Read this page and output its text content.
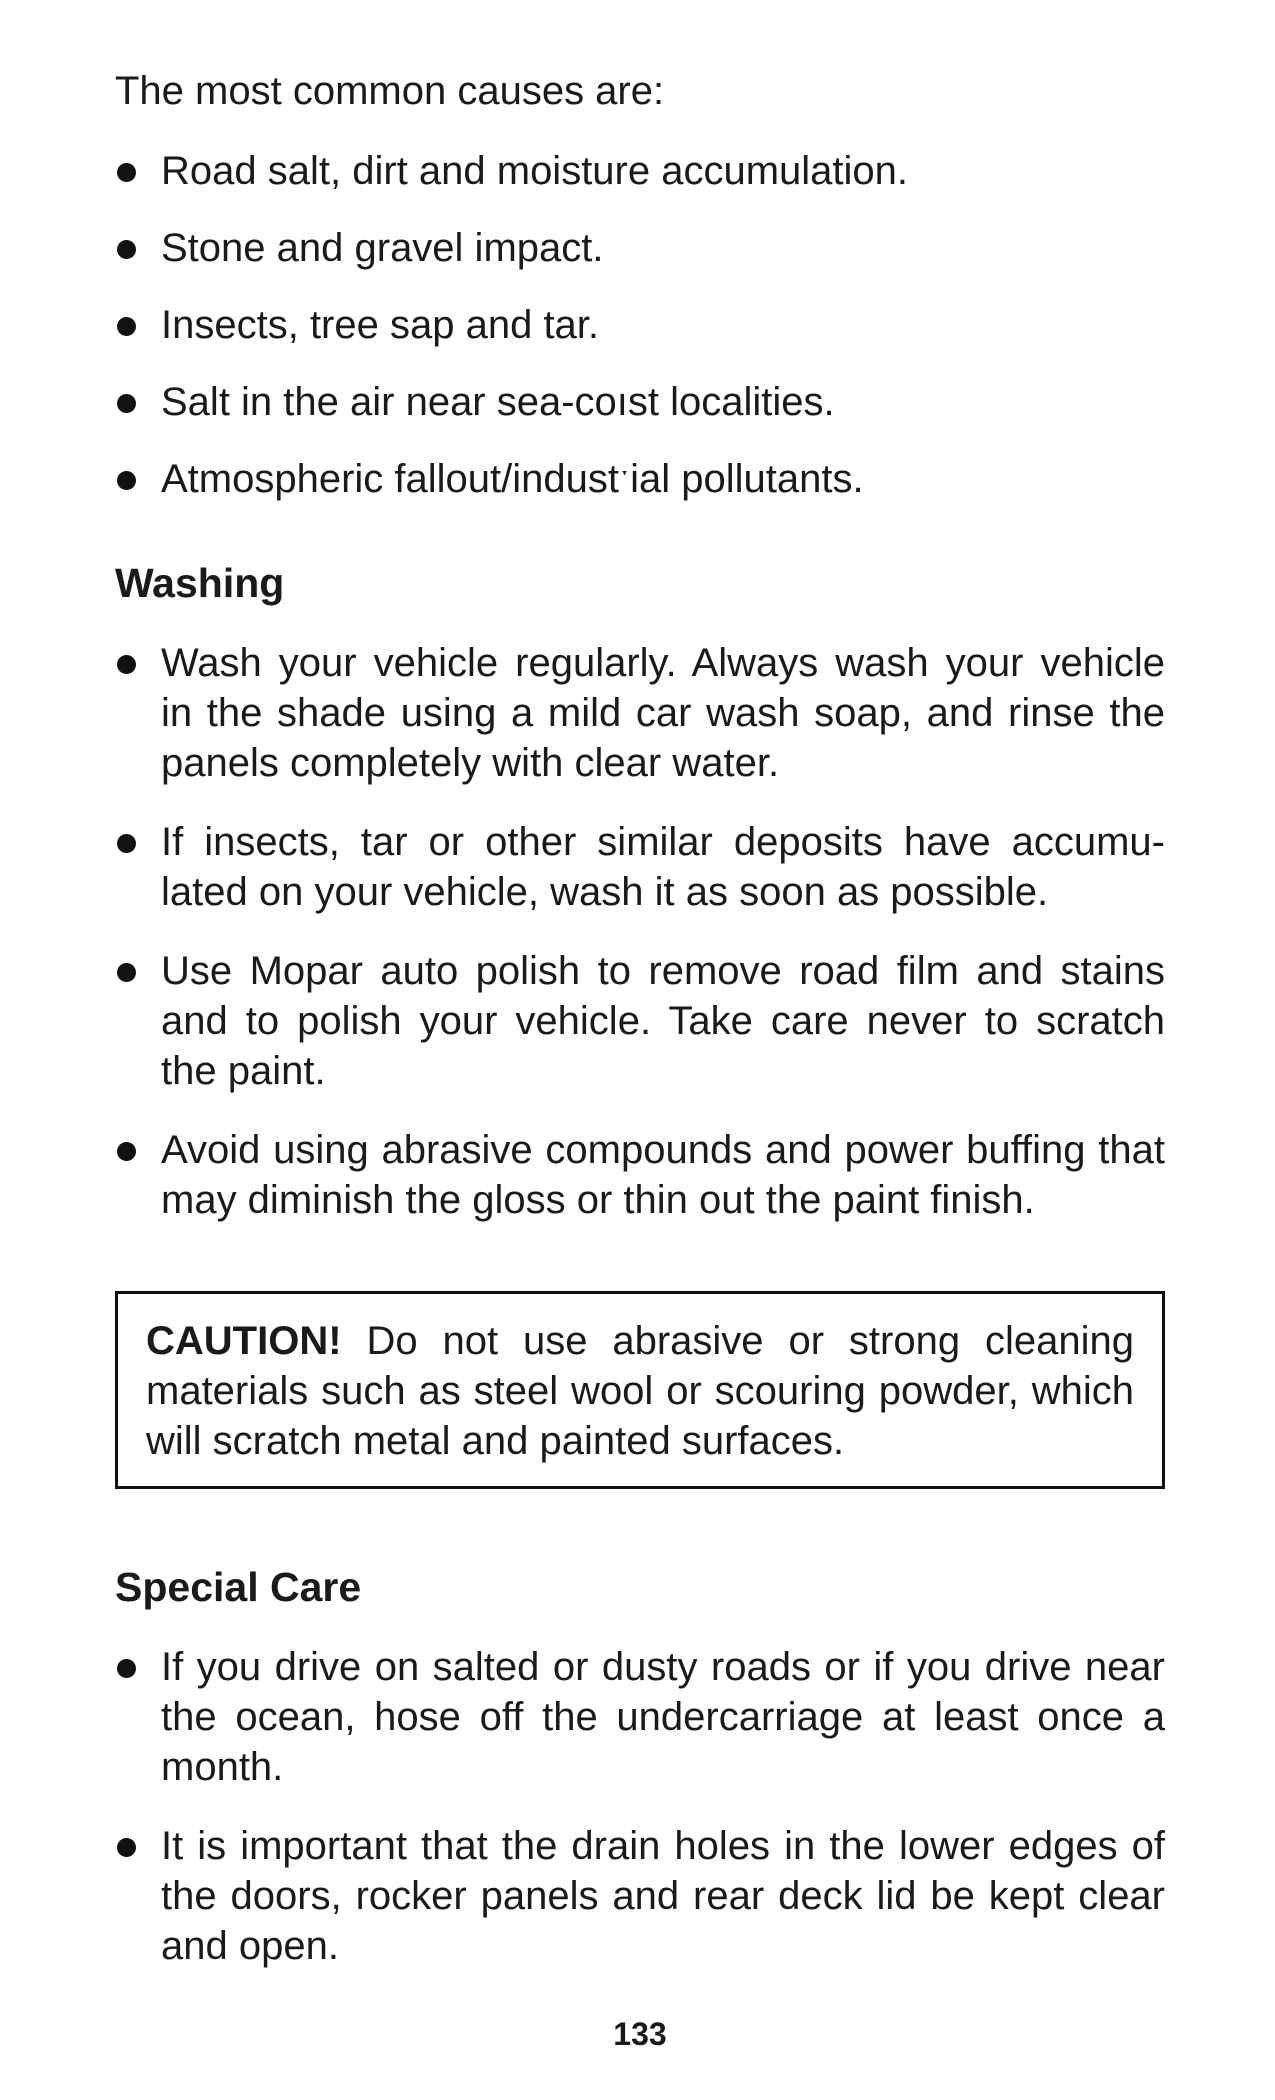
The most common causes are:

Road salt, dirt and moisture accumulation.
Stone and gravel impact.
Insects, tree sap and tar.
Salt in the air near sea-coıst localities.
Atmospheric fallout/industˑial pollutants.
Washing
Wash your vehicle regularly. Always wash your vehicle in the shade using a mild car wash soap, and rinse the panels completely with clear water.
If insects, tar or other similar deposits have accumu-lated on your vehicle, wash it as soon as possible.
Use Mopar auto polish to remove road film and stains and to polish your vehicle. Take care never to scratch the paint.
Avoid using abrasive compounds and power buffing that may diminish the gloss or thin out the paint finish.
CAUTION! Do not use abrasive or strong cleaning materials such as steel wool or scouring powder, which will scratch metal and painted surfaces.
Special Care
If you drive on salted or dusty roads or if you drive near the ocean, hose off the undercarriage at least once a month.
It is important that the drain holes in the lower edges of the doors, rocker panels and rear deck lid be kept clear and open.
133
